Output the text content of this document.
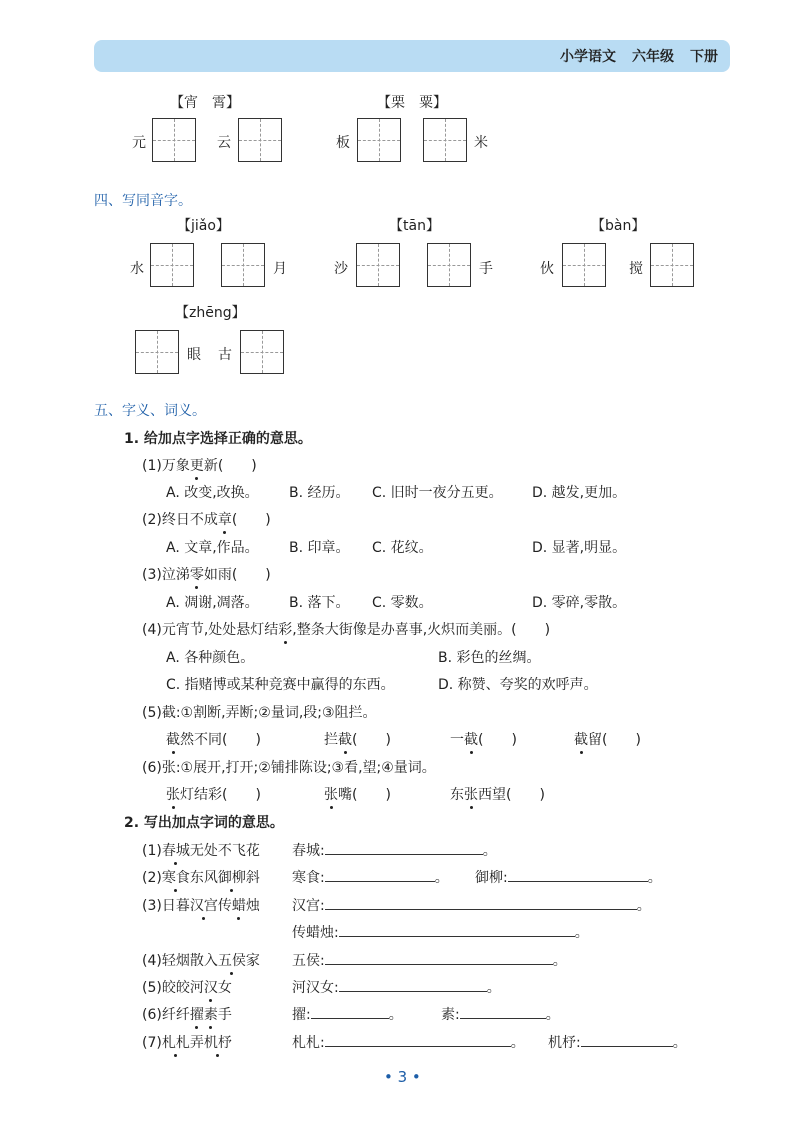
小学语文 六年级 下册
【宵　霄】
元	云
【栗　粟】
板	米
四、写同音字。
【jiǎo】
水	月
【tān】
沙	手
【bàn】
伙	搅
【zhēng】
眼 古
五、字义、词义。
1. 给加点字选择正确的意思。
(1)万象更新(　　)
A. 改变,改换。 B. 经历。 C. 旧时一夜分五更。 D. 越发,更加。
(2)终日不成章(　　)
A. 文章,作品。 B. 印章。 C. 花纹。	D. 显著,明显。
(3)泣涕零如雨(　　)
A. 凋谢,凋落。 B. 落下。 C. 零数。	D. 零碎,零散。
(4)元宵节,处处悬灯结彩,整条大街像是办喜事,火炽而美丽。(　　)
A. 各种颜色。	B. 彩色的丝绸。
C. 指赌博或某种竞赛中赢得的东西。	D. 称赞、夸奖的欢呼声。
(5)截:①割断,弄断;②量词,段;③阻拦。
截然不同(　　)	拦截(　　)	一截(　　)	截留(　　)
(6)张:①展开,打开;②铺排陈设;③看,望;④量词。
张灯结彩(　　)	张嘴(　　)	东张西望(　　)
2. 写出加点字词的意思。
(1)春城无处不飞花 春城:	。
(2)寒食东风御柳斜 寒食:	。 御柳:	。
(3)日暮汉宫传蜡烛 汉宫:	。
传蜡烛:	。
(4)轻烟散入五侯家 五侯:	。
(5)皎皎河汉女	河汉女:	。
(6)纤纤擢素手	擢:	。	素:	。
(7)札札弄机杼	札札:	。 机杼:	。
• 3 •
